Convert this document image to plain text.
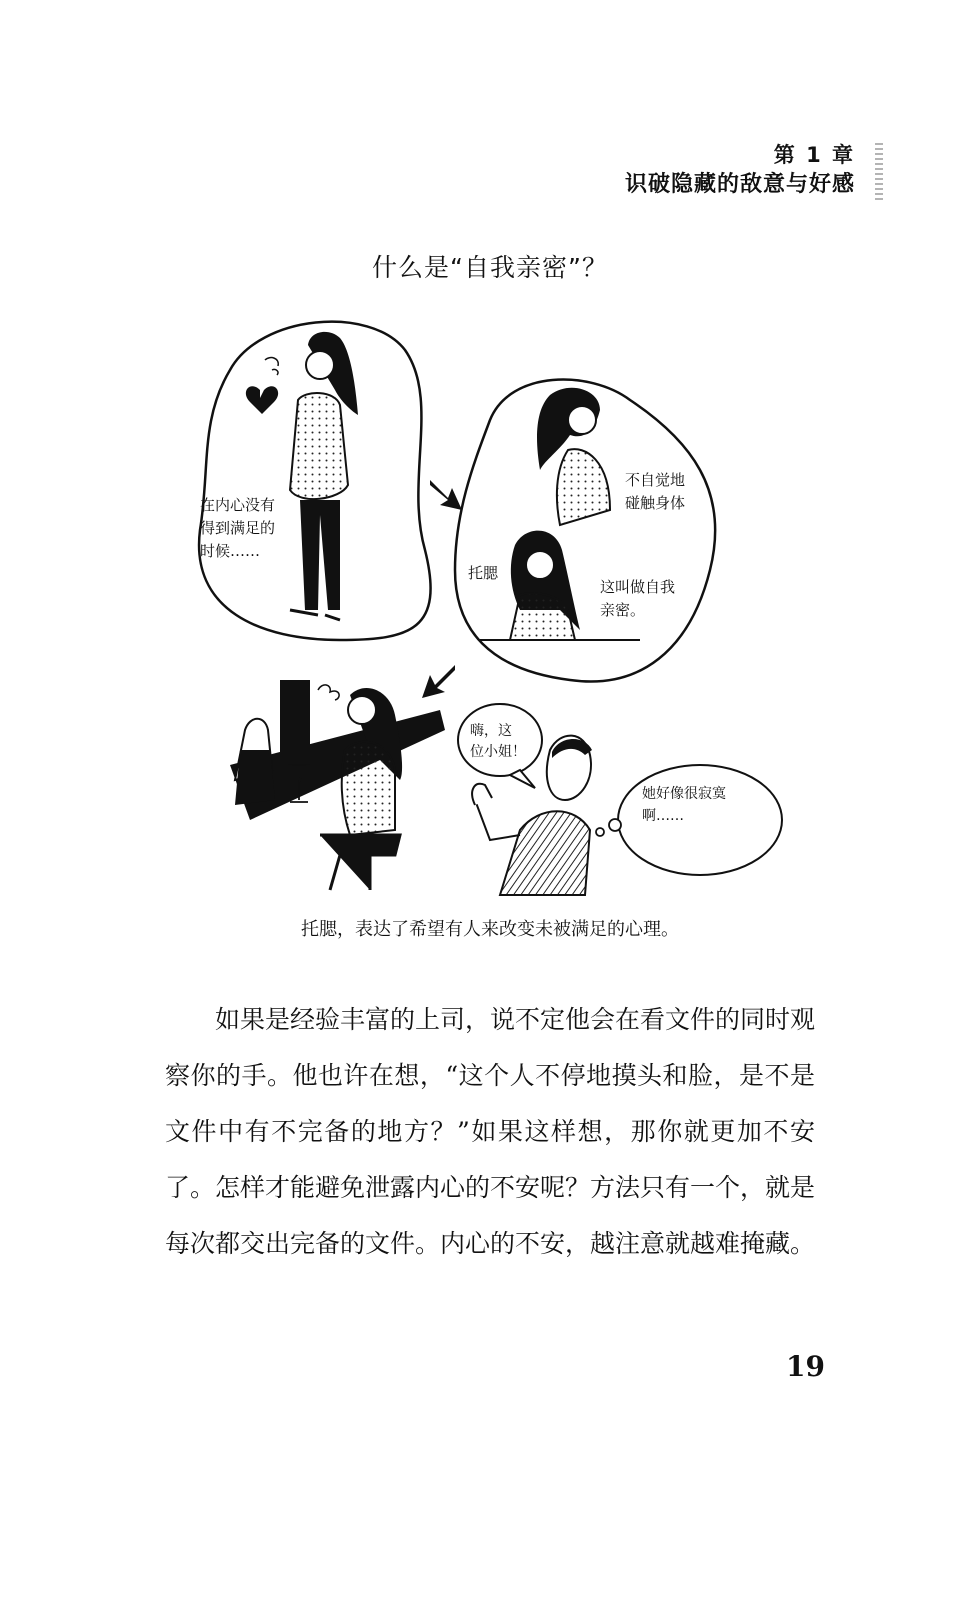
第 1 章
识破隐藏的敌意与好感
什么是“自我亲密”？
在内心没有
得到满足的
时候……
不自觉地
碰触身体
托腮
这叫做自我
亲密。
嗨，这
位小姐！
她好像很寂寞
啊……
托腮，表达了希望有人来改变未被满足的心理。

如果是经验丰富的上司，说不定他会在看文件的同时观察你的手。他也许在想，“这个人不停地摸头和脸，是不是文件中有不完备的地方？”如果这样想，那你就更加不安了。怎样才能避免泄露内心的不安呢？方法只有一个，就是每次都交出完备的文件。内心的不安，越注意就越难掩藏。

19
